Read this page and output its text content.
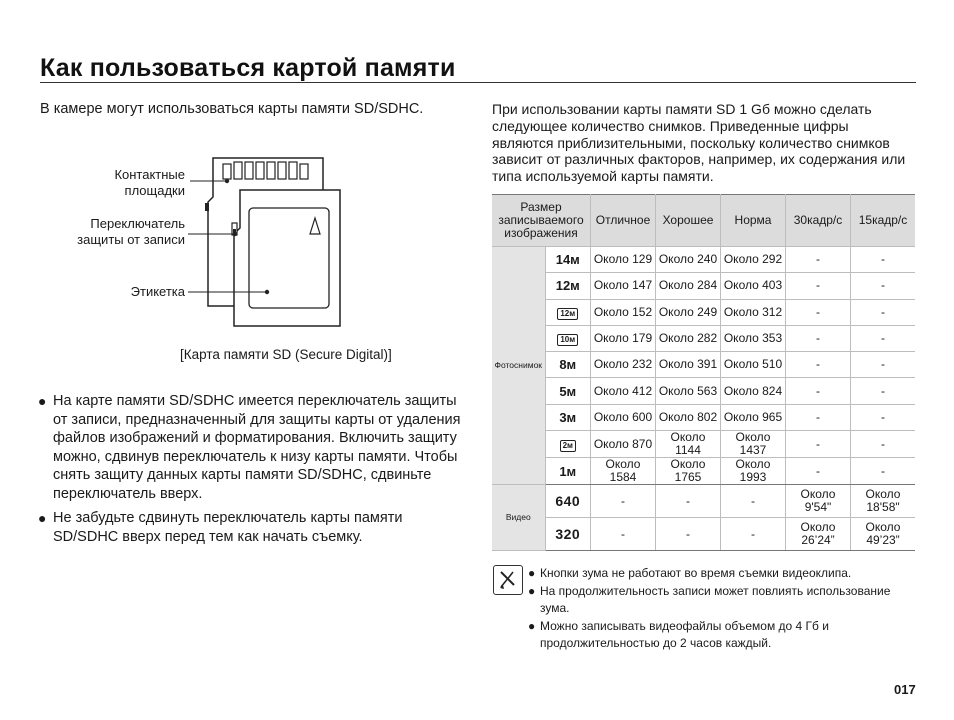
Как пользоваться картой памяти
В камере могут использоваться карты памяти SD/SDHC.
Контактные
площадки
Переключатель
защиты от записи
Этикетка
[Карта памяти SD (Secure Digital)]
● На карте памяти SD/SDHC имеется переключатель защиты от записи, предназначенный для защиты карты от удаления файлов изображений и форматирования. Включить защиту можно, сдвинув переключатель к низу карты памяти. Чтобы снять защиту данных карты памяти SD/SDHC, сдвиньте переключатель вверх.
● Не забудьте сдвинуть переключатель карты памяти SD/SDHC вверх перед тем как начать съемку.
При использовании карты памяти SD 1 Gб можно сделать следующее количество снимков. Приведенные цифры являются приблизительными, поскольку количество снимков зависит от различных факторов, например, их содержания или типа используемой карты памяти.
Размер записываемого изображения		Отличное	Хорошее	Норма	30кадр/с	15кадр/с
Фотоснимок	14м	Около 129	Около 240	Около 292	-	-
	12м	Около 147	Около 284	Около 403	-	-
	12м	Около 152	Около 249	Около 312	-	-
	10м	Около 179	Около 282	Около 353	-	-
	8м	Около 232	Около 391	Около 510	-	-
	5м	Около 412	Около 563	Около 824	-	-
	3м	Около 600	Около 802	Около 965	-	-
	2м	Около 870	Около 1144	Около 1437	-	-
	1м	Около 1584	Около 1765	Около 1993	-	-
Видео	640	-	-	-	Около 9'54"	Около 18'58"
	320	-	-	-	Около 26’24”	Около 49’23”
● Кнопки зума не работают во время съемки видеоклипа.
● На продолжительность записи может повлиять использование зума.
● Можно записывать видеофайлы объемом до 4 Гб и продолжительностью до 2 часов каждый.
017
